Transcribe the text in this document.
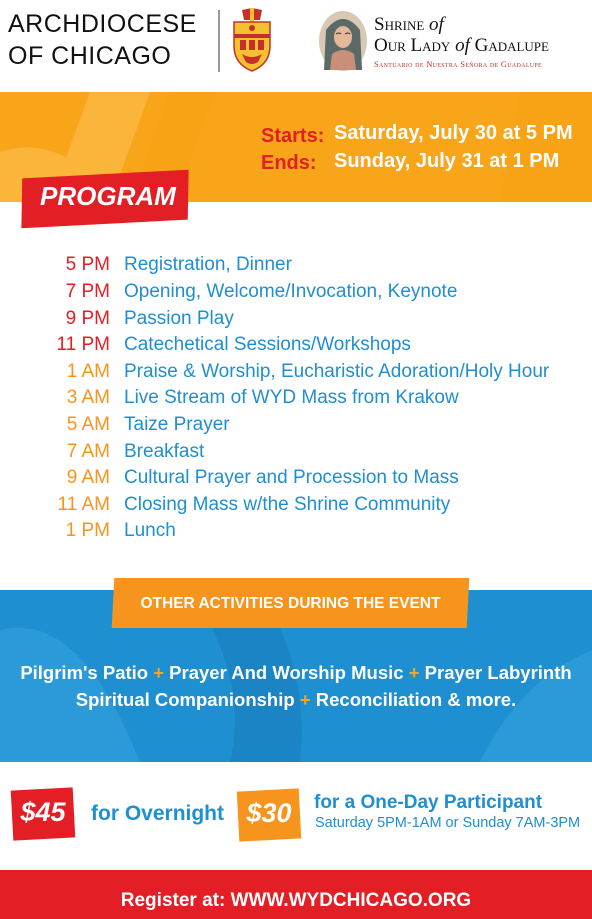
ARCHDIOCESE
OF CHICAGO
Shrine of
Our Lady of Gadalupe
Santuario de Nuestra Señora de Guadalupe
Starts: Saturday, July 30 at 5 PM
Ends: Sunday, July 31 at 1 PM
PROGRAM
5 PM Registration, Dinner
7 PM Opening, Welcome/Invocation, Keynote
9 PM Passion Play
11 PM Catechetical Sessions/Workshops
1 AM Praise & Worship, Eucharistic Adoration/Holy Hour
3 AM Live Stream of WYD Mass from Krakow
5 AM Taize Prayer
7 AM Breakfast
9 AM Cultural Prayer and Procession to Mass
11 AM Closing Mass w/the Shrine Community
1 PM Lunch
OTHER ACTIVITIES DURING THE EVENT
Pilgrim's Patio + Prayer And Worship Music + Prayer Labyrinth
Spiritual Companionship + Reconciliation & more.
$45	for Overnight $30	for a One-Day Participant
Saturday 5PM-1AM or Sunday 7AM-3PM
Register at: WWW.WYDCHICAGO.ORG
